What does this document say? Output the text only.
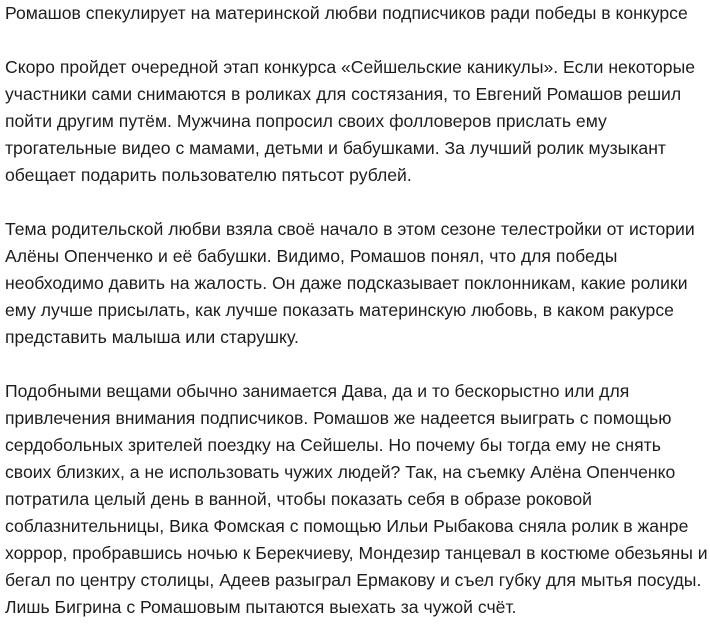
Ромашов спекулирует на материнской любви подписчиков ради победы в конкурсе

Скоро пройдет очередной этап конкурса «Сейшельские каникулы». Если некоторые участники сами снимаются в роликах для состязания, то Евгений Ромашов решил пойти другим путём. Мужчина попросил своих фолловеров прислать ему трогательные видео с мамами, детьми и бабушками. За лучший ролик музыкант обещает подарить пользователю пятьсот рублей.

Тема родительской любви взяла своё начало в этом сезоне телестройки от истории Алёны Опенченко и её бабушки. Видимо, Ромашов понял, что для победы необходимо давить на жалость. Он даже подсказывает поклонникам, какие ролики ему лучше присылать, как лучше показать материнскую любовь, в каком ракурсе представить малыша или старушку.

Подобными вещами обычно занимается Дава, да и то бескорыстно или для привлечения внимания подписчиков. Ромашов же надеется выиграть с помощью сердобольных зрителей поездку на Сейшелы. Но почему бы тогда ему не снять своих близких, а не использовать чужих людей? Так, на съемку Алёна Опенченко потратила целый день в ванной, чтобы показать себя в образе роковой соблазнительницы, Вика Фомская с помощью Ильи Рыбакова сняла ролик в жанре хоррор, пробравшись ночью к Берекчиеву, Мондезир танцевал в костюме обезьяны и бегал по центру столицы, Адеев разыграл Ермакову и съел губку для мытья посуды. Лишь Бигрина с Ромашовым пытаются выехать за чужой счёт.
